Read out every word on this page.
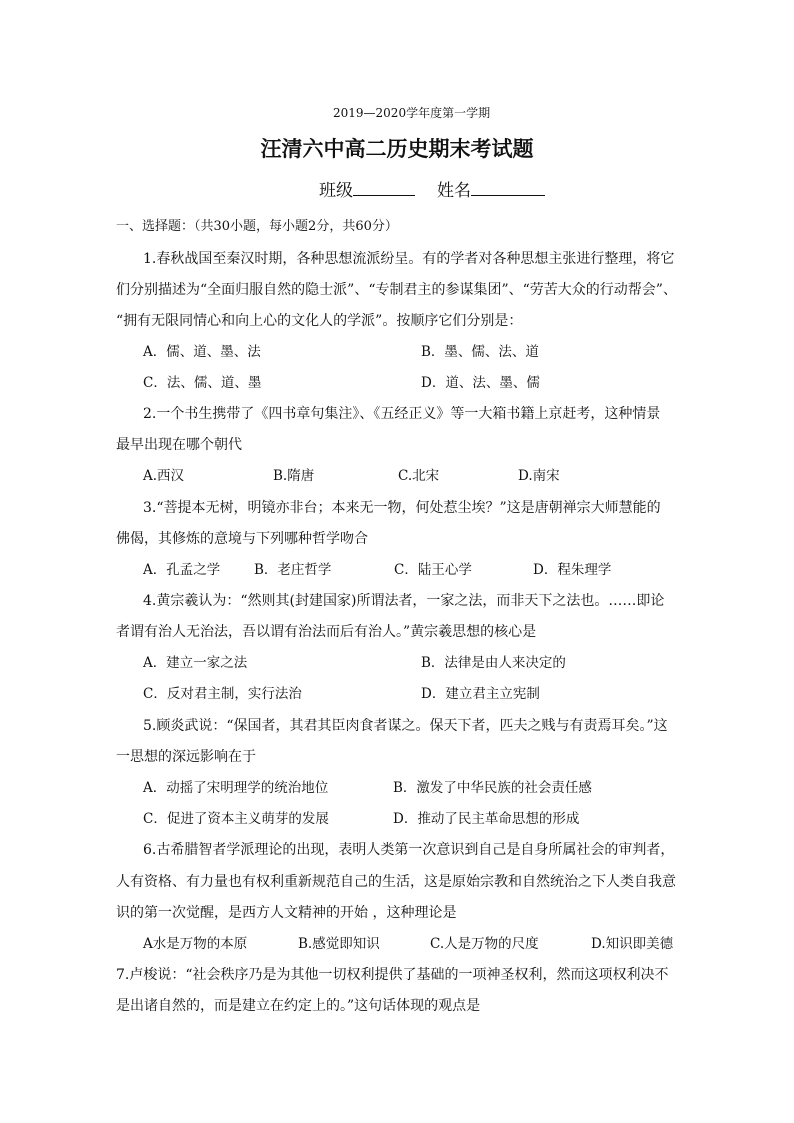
2019—2020学年度第一学期
汪清六中高二历史期末考试题
班级	姓名
一、选择题：（共30小题，每小题2分，共60分）
1.春秋战国至秦汉时期，各种思想流派纷呈。有的学者对各种思想主张进行整理，将它
们分别描述为“全面归服自然的隐士派”、“专制君主的参谋集团”、“劳苦大众的行动帮会”、
“拥有无限同情心和向上心的文化人的学派”。按顺序它们分别是：
A．儒、道、墨、法	B．墨、儒、法、道
C．法、儒、道、墨	D．道、法、墨、儒
2.一个书生携带了《四书章句集注》、《五经正义》等一大箱书籍上京赶考，这种情景
最早出现在哪个朝代
A.西汉	B.隋唐	C.北宋	D.南宋
3.“菩提本无树，明镜亦非台；本来无一物，何处惹尘埃？”这是唐朝禅宗大师慧能的
佛偈，其修炼的意境与下列哪种哲学吻合
A．孔孟之学	B．老庄哲学	C．陆王心学	D．程朱理学
4.黄宗羲认为：“然则其(封建国家)所谓法者，一家之法，而非天下之法也。……即论
者谓有治人无治法，吾以谓有治法而后有治人。”黄宗羲思想的核心是
A．建立一家之法	B．法律是由人来决定的
C．反对君主制，实行法治	D．建立君主立宪制
5.顾炎武说：“保国者，其君其臣肉食者谋之。保天下者，匹夫之贱与有责焉耳矣。”这
一思想的深远影响在于
A．动摇了宋明理学的统治地位	B．激发了中华民族的社会责任感
C．促进了资本主义萌芽的发展	D．推动了民主革命思想的形成
6.古希腊智者学派理论的出现，表明人类第一次意识到自己是自身所属社会的审判者，
人有资格、有力量也有权利重新规范自己的生活，这是原始宗教和自然统治之下人类自我意
识的第一次觉醒，是西方人文精神的开始 ，这种理论是
A水是万物的本原	B.感觉即知识	C.人是万物的尺度	D.知识即美德
7.卢梭说：“社会秩序乃是为其他一切权利提供了基础的一项神圣权利，然而这项权利决不
是出诸自然的，而是建立在约定上的。”这句话体现的观点是
